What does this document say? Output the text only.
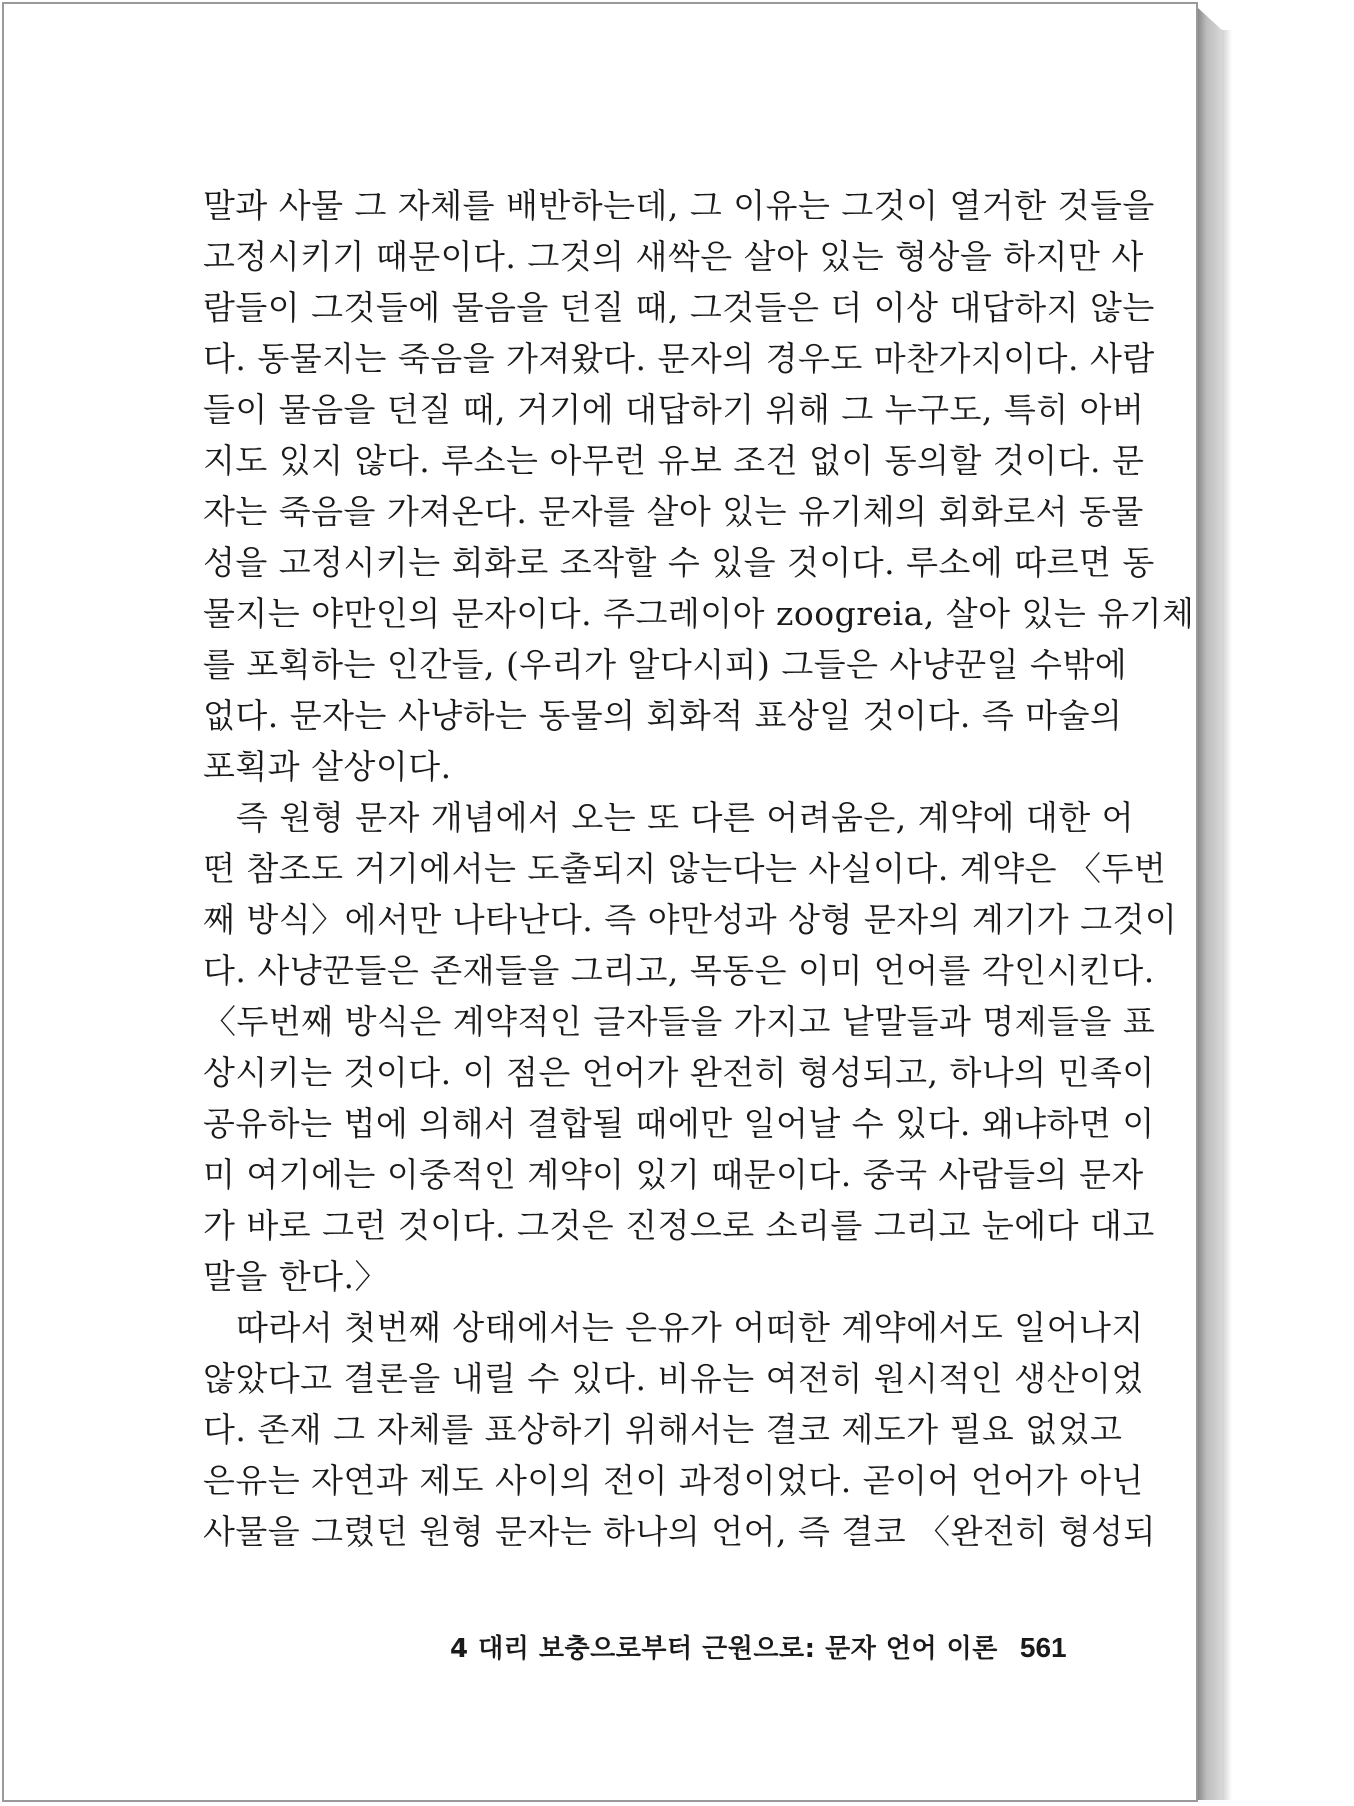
말과 사물 그 자체를 배반하는데, 그 이유는 그것이 열거한 것들을
고정시키기 때문이다. 그것의 새싹은 살아 있는 형상을 하지만 사
람들이 그것들에 물음을 던질 때, 그것들은 더 이상 대답하지 않는
다. 동물지는 죽음을 가져왔다. 문자의 경우도 마찬가지이다. 사람
들이 물음을 던질 때, 거기에 대답하기 위해 그 누구도, 특히 아버
지도 있지 않다. 루소는 아무런 유보 조건 없이 동의할 것이다. 문
자는 죽음을 가져온다. 문자를 살아 있는 유기체의 회화로서 동물
성을 고정시키는 회화로 조작할 수 있을 것이다. 루소에 따르면 동
물지는 야만인의 문자이다. 주그레이아 zoogreia, 살아 있는 유기체
를 포획하는 인간들, (우리가 알다시피) 그들은 사냥꾼일 수밖에
없다. 문자는 사냥하는 동물의 회화적 표상일 것이다. 즉 마술의
포획과 살상이다.
즉 원형 문자 개념에서 오는 또 다른 어려움은, 계약에 대한 어
떤 참조도 거기에서는 도출되지 않는다는 사실이다. 계약은 〈두번
째 방식〉에서만 나타난다. 즉 야만성과 상형 문자의 계기가 그것이
다. 사냥꾼들은 존재들을 그리고, 목동은 이미 언어를 각인시킨다.
〈두번째 방식은 계약적인 글자들을 가지고 낱말들과 명제들을 표
상시키는 것이다. 이 점은 언어가 완전히 형성되고, 하나의 민족이
공유하는 법에 의해서 결합될 때에만 일어날 수 있다. 왜냐하면 이
미 여기에는 이중적인 계약이 있기 때문이다. 중국 사람들의 문자
가 바로 그런 것이다. 그것은 진정으로 소리를 그리고 눈에다 대고
말을 한다.〉
따라서 첫번째 상태에서는 은유가 어떠한 계약에서도 일어나지
않았다고 결론을 내릴 수 있다. 비유는 여전히 원시적인 생산이었
다. 존재 그 자체를 표상하기 위해서는 결코 제도가 필요 없었고
은유는 자연과 제도 사이의 전이 과정이었다. 곧이어 언어가 아닌
사물을 그렸던 원형 문자는 하나의 언어, 즉 결코 〈완전히 형성되
4 대리 보충으로부터 근원으로: 문자 언어 이론 561
